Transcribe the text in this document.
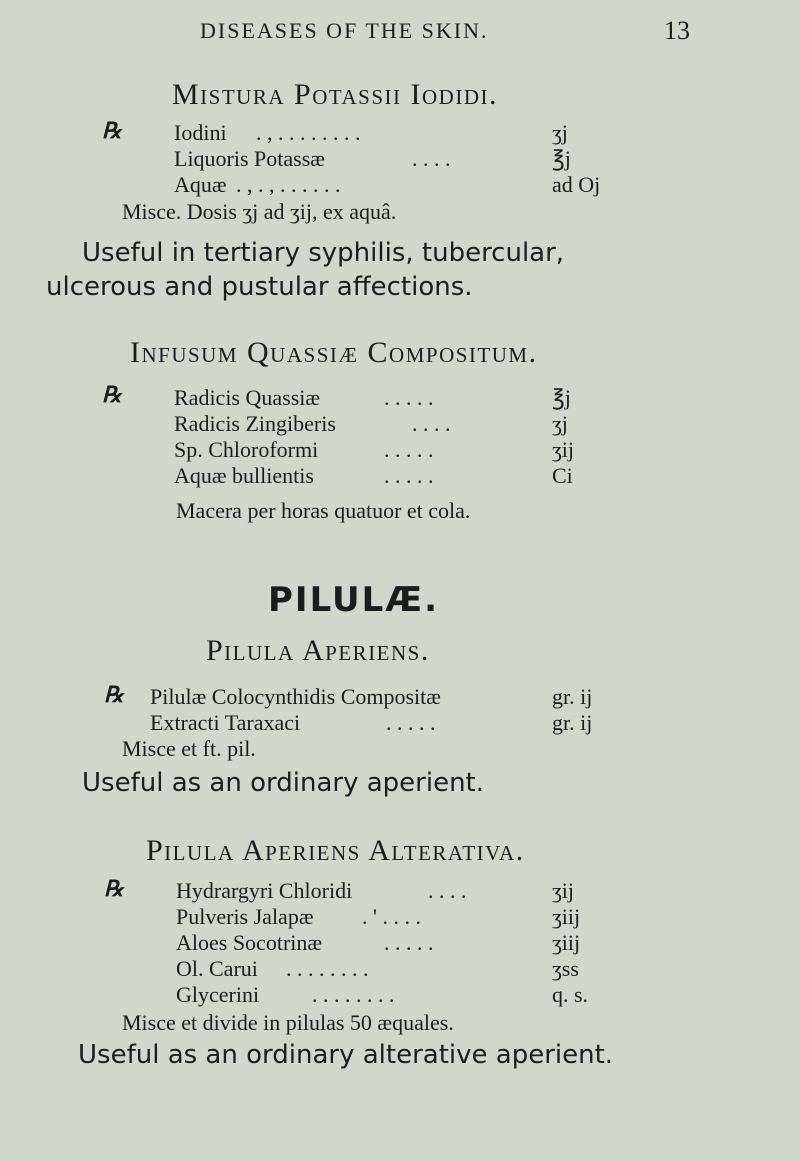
DISEASES OF THE SKIN.	13
Mistura Potassii Iodidi.
℞ Iodini . , . . . . . . . .	ʒj
Liquoris Potassæ	. . . .	℥j
Aquæ . , . , . . . . . .	ad Oj
Misce. Dosis ʒj ad ʒij, ex aquâ.
Useful in tertiary syphilis, tubercular,
ulcerous and pustular affections.
Infusum Quassiæ Compositum.
℞ Radicis Quassiæ	. . . . .	℥j
Radicis Zingiberis	. . . .	ʒj
Sp. Chloroformi	. . . . .	ʒij
Aquæ bullientis	. . . . .	Ci
Macera per horas quatuor et cola.
PILULÆ.
Pilula Aperiens.
℞ Pilulæ Colocynthidis Compositæ	gr. ij
Extracti Taraxaci	. . . . .	gr. ij
Misce et ft. pil.
Useful as an ordinary aperient.
Pilula Aperiens Alterativa.
℞ Hydrargyri Chloridi	. . . .	ʒij
Pulveris Jalapæ . ' . . . .	ʒiij
Aloes Socotrinæ	. . . . .	ʒiij
Ol. Carui . . . . . . . .	ʒss
Glycerini . . . . . . . .	q. s.
Misce et divide in pilulas 50 æquales.
Useful as an ordinary alterative aperient.
